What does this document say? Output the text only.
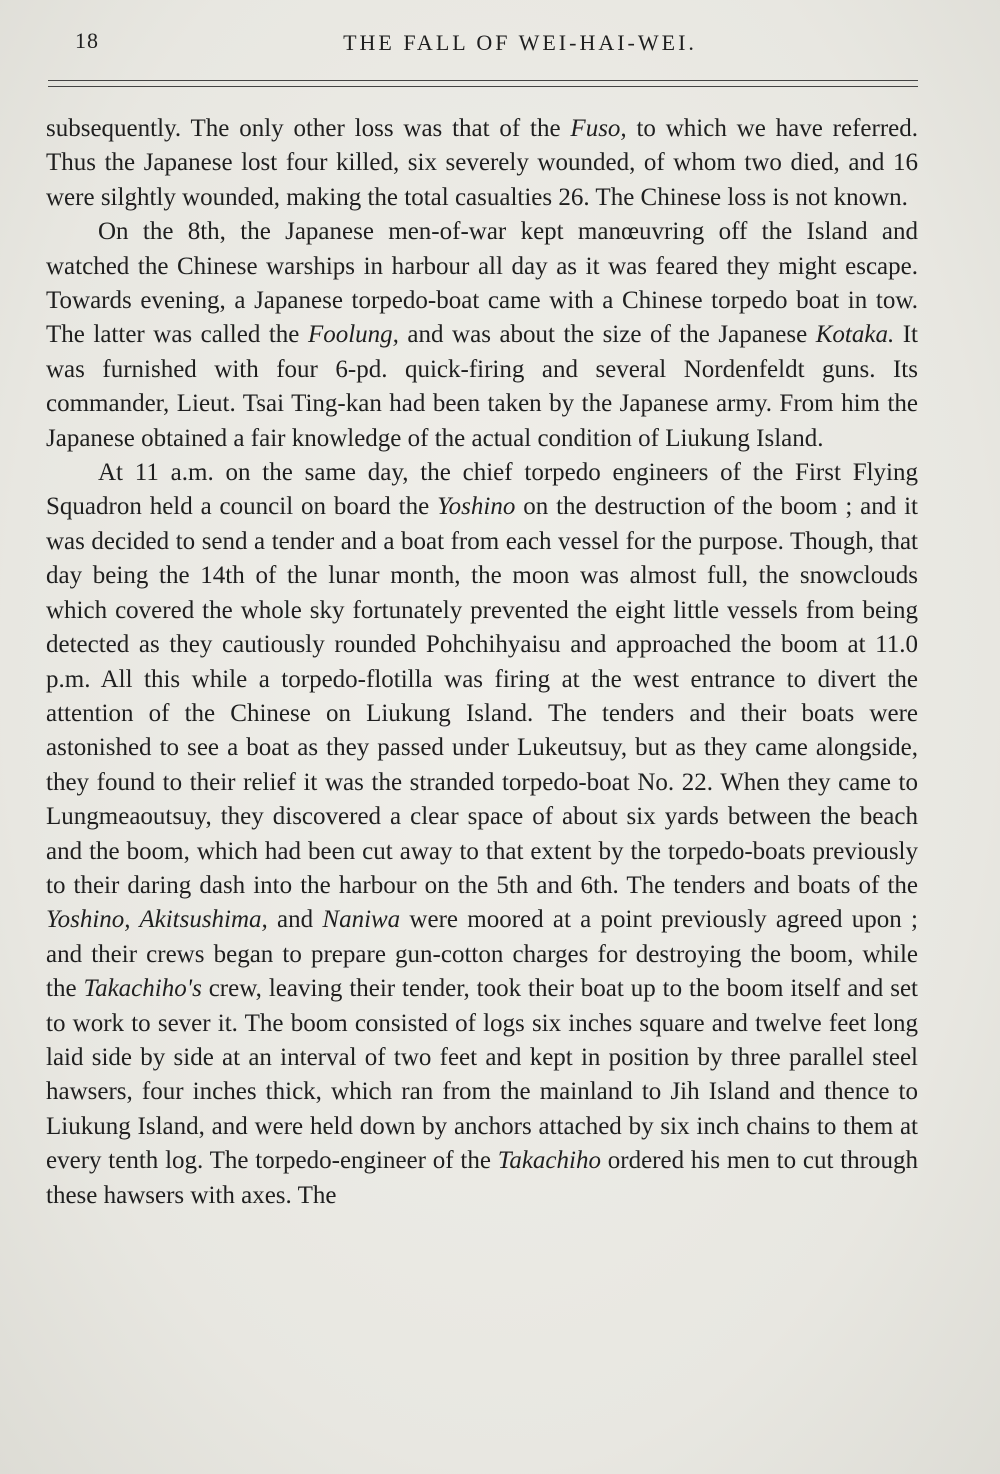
18	THE FALL OF WEI-HAI-WEI.

subsequently. The only other loss was that of the Fuso, to which we have referred. Thus the Japanese lost four killed, six severely wounded, of whom two died, and 16 were silghtly wounded, making the total casualties 26. The Chinese loss is not known.

On the 8th, the Japanese men-of-war kept manœuvring off the Island and watched the Chinese warships in harbour all day as it was feared they might escape. Towards evening, a Japanese torpedo-boat came with a Chinese torpedo boat in tow. The latter was called the Foolung, and was about the size of the Japanese Kotaka. It was furnished with four 6-pd. quick-firing and several Nordenfeldt guns. Its commander, Lieut. Tsai Ting-kan had been taken by the Japanese army. From him the Japanese obtained a fair knowledge of the actual condition of Liukung Island.

At 11 a.m. on the same day, the chief torpedo engineers of the First Flying Squadron held a council on board the Yoshino on the destruction of the boom ; and it was decided to send a tender and a boat from each vessel for the purpose. Though, that day being the 14th of the lunar month, the moon was almost full, the snowclouds which covered the whole sky fortunately prevented the eight little vessels from being detected as they cautiously rounded Pohchihyaisu and approached the boom at 11.0 p.m. All this while a torpedo-flotilla was firing at the west entrance to divert the attention of the Chinese on Liukung Island. The tenders and their boats were astonished to see a boat as they passed under Lukeutsuy, but as they came alongside, they found to their relief it was the stranded torpedo-boat No. 22. When they came to Lungmeaoutsuy, they discovered a clear space of about six yards between the beach and the boom, which had been cut away to that extent by the torpedo-boats previously to their daring dash into the harbour on the 5th and 6th. The tenders and boats of the Yoshino, Akitsushima, and Naniwa were moored at a point previously agreed upon ; and their crews began to prepare gun-cotton charges for destroying the boom, while the Takachiho's crew, leaving their tender, took their boat up to the boom itself and set to work to sever it. The boom consisted of logs six inches square and twelve feet long laid side by side at an interval of two feet and kept in position by three parallel steel hawsers, four inches thick, which ran from the mainland to Jih Island and thence to Liukung Island, and were held down by anchors attached by six inch chains to them at every tenth log. The torpedo-engineer of the Takachiho ordered his men to cut through these hawsers with axes. The
